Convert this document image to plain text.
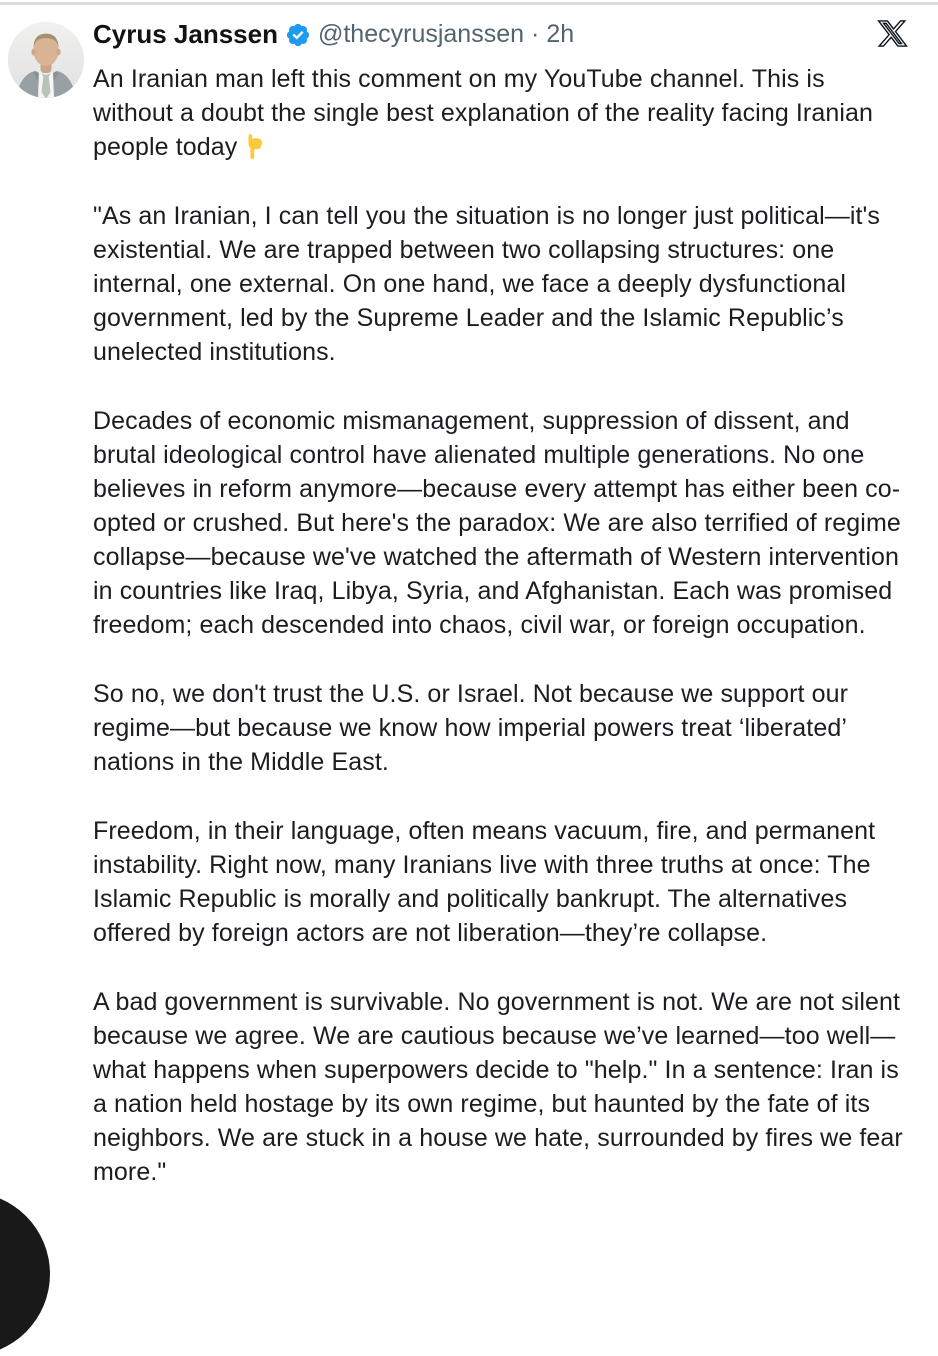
Cyrus Janssen @thecyrusjanssen · 2h

An Iranian man left this comment on my YouTube channel. This is without a doubt the single best explanation of the reality facing Iranian people today

"As an Iranian, I can tell you the situation is no longer just political—it's existential. We are trapped between two collapsing structures: one internal, one external. On one hand, we face a deeply dysfunctional government, led by the Supreme Leader and the Islamic Republic’s unelected institutions.

Decades of economic mismanagement, suppression of dissent, and brutal ideological control have alienated multiple generations. No one believes in reform anymore—because every attempt has either been co-opted or crushed. But here's the paradox: We are also terrified of regime collapse—because we've watched the aftermath of Western intervention in countries like Iraq, Libya, Syria, and Afghanistan. Each was promised freedom; each descended into chaos, civil war, or foreign occupation.

So no, we don't trust the U.S. or Israel. Not because we support our regime—but because we know how imperial powers treat ‘liberated’ nations in the Middle East.

Freedom, in their language, often means vacuum, fire, and permanent instability. Right now, many Iranians live with three truths at once: The Islamic Republic is morally and politically bankrupt. The alternatives offered by foreign actors are not liberation—they’re collapse.

A bad government is survivable. No government is not. We are not silent because we agree. We are cautious because we’ve learned—too well—what happens when superpowers decide to "help." In a sentence: Iran is a nation held hostage by its own regime, but haunted by the fate of its neighbors. We are stuck in a house we hate, surrounded by fires we fear more."
